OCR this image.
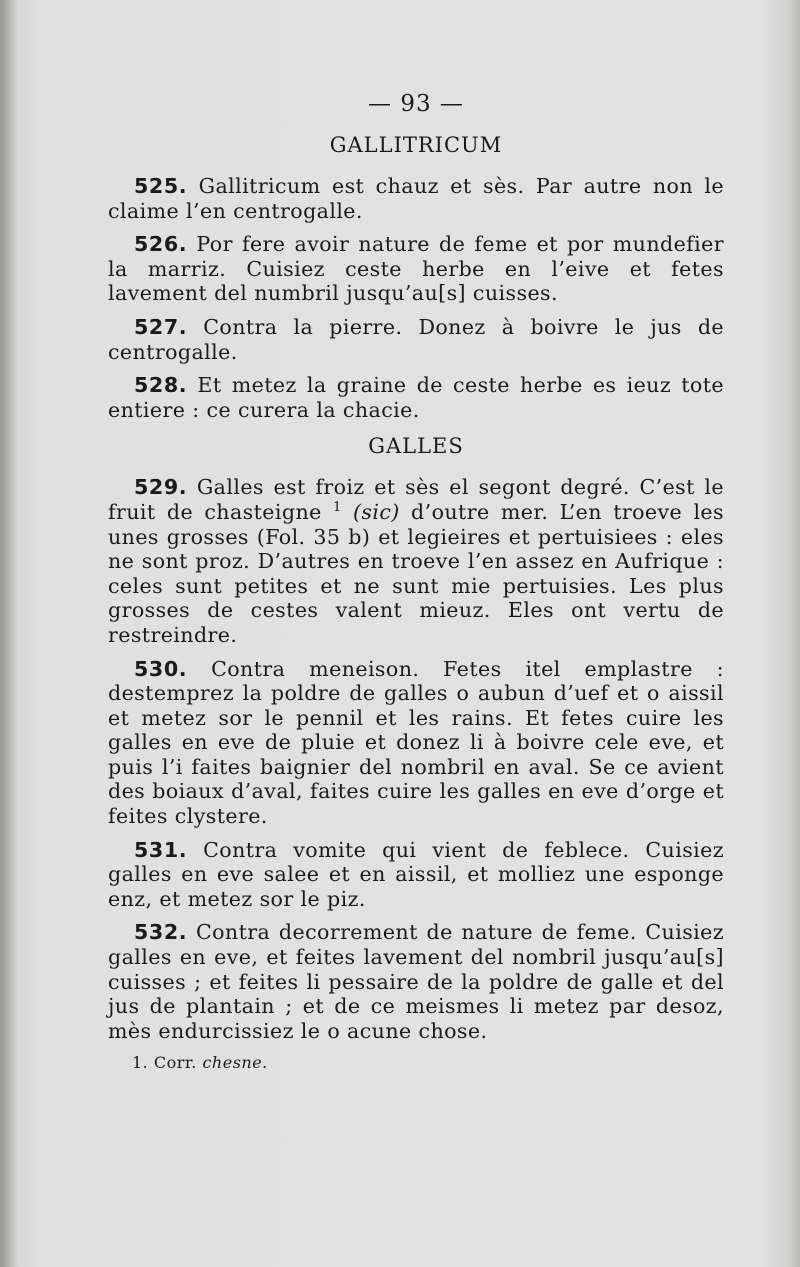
— 93 —
GALLITRICUM

525. Gallitricum est chauz et sès. Par autre non le claime l’en centrogalle.

526. Por fere avoir nature de feme et por mundefier la marriz. Cuisiez ceste herbe en l’eive et fetes lavement del numbril jusqu’au[s] cuisses.

527. Contra la pierre. Donez à boivre le jus de centrogalle.

528. Et metez la graine de ceste herbe es ieuz tote entiere : ce curera la chacie.

GALLES

529. Galles est froiz et sès el segont degré. C’est le fruit de chasteigne $^1$ (sic) d’outre mer. L’en troeve les unes grosses (Fol. 35 b) et legieires et pertuisiees : eles ne sont proz. D’autres en troeve l’en assez en Aufrique : celes sunt petites et ne sunt mie pertuisies. Les plus grosses de cestes valent mieuz. Eles ont vertu de restreindre.

530. Contra meneison. Fetes itel emplastre : destemprez la poldre de galles o aubun d’uef et o aissil et metez sor le pennil et les rains. Et fetes cuire les galles en eve de pluie et donez li à boivre cele eve, et puis l’i faites baignier del nombril en aval. Se ce avient des boiaux d’aval, faites cuire les galles en eve d’orge et feites clystere.

531. Contra vomite qui vient de feblece. Cuisiez galles en eve salee et en aissil, et molliez une esponge enz, et metez sor le piz.

532. Contra decorrement de nature de feme. Cuisiez galles en eve, et feites lavement del nombril jusqu’au[s] cuisses ; et feites li pessaire de la poldre de galle et del jus de plantain ; et de ce meismes li metez par desoz, mès endurcissiez le o acune chose.

1. Corr. chesne.
